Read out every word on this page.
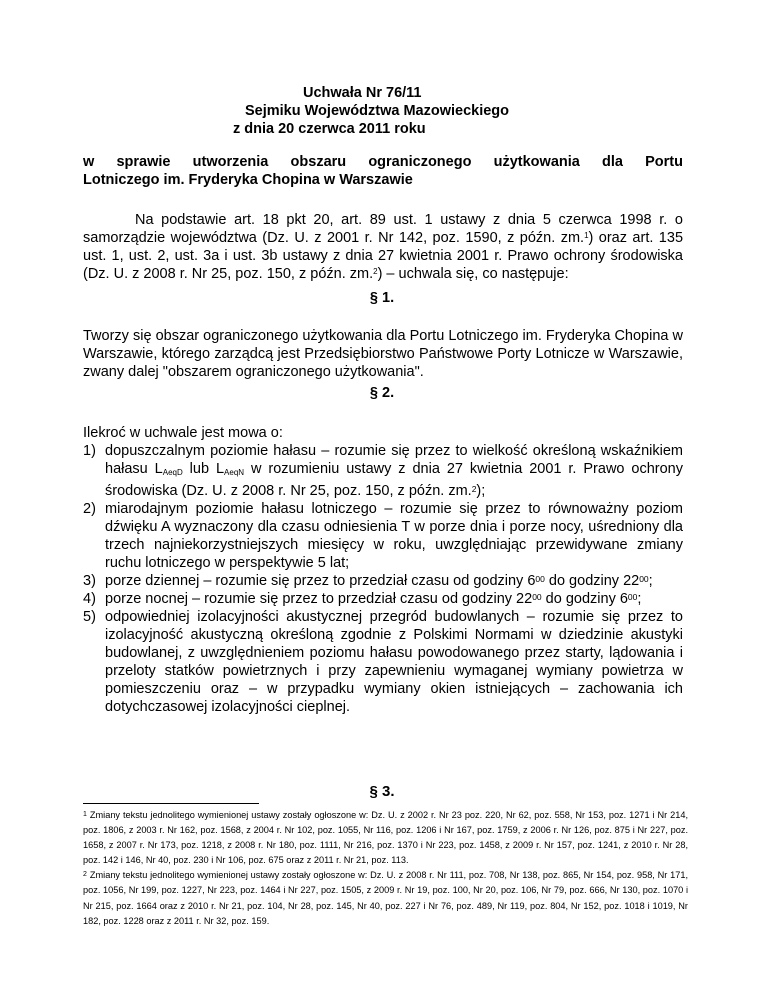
Uchwała Nr 76/11
Sejmiku Województwa Mazowieckiego
z dnia 20 czerwca 2011 roku
w sprawie utworzenia obszaru ograniczonego użytkowania dla Portu
Lotniczego im. Fryderyka Chopina w Warszawie
Na podstawie art. 18 pkt 20, art. 89 ust. 1 ustawy z dnia 5 czerwca 1998 r. o samorządzie województwa (Dz. U. z 2001 r. Nr 142, poz. 1590, z późn. zm.$^1$) oraz art. 135 ust. 1, ust. 2, ust. 3a i ust. 3b ustawy z dnia 27 kwietnia 2001 r. Prawo ochrony środowiska (Dz. U. z 2008 r. Nr 25, poz. 150, z późn. zm.$^2$) – uchwala się, co następuje:
§ 1.
Tworzy się obszar ograniczonego użytkowania dla Portu Lotniczego im. Fryderyka Chopina w Warszawie, którego zarządcą jest Przedsiębiorstwo Państwowe Porty Lotnicze w Warszawie, zwany dalej "obszarem ograniczonego użytkowania".
§ 2.
Ilekroć w uchwale jest mowa o:
1) dopuszczalnym poziomie hałasu – rozumie się przez to wielkość określoną wskaźnikiem hałasu $L_{AeqD}$ lub $L_{AeqN}$ w rozumieniu ustawy z dnia 27 kwietnia 2001 r. Prawo ochrony środowiska (Dz. U. z 2008 r. Nr 25, poz. 150, z późn. zm.$^2$);
2) miarodajnym poziomie hałasu lotniczego – rozumie się przez to równoważny poziom dźwięku A wyznaczony dla czasu odniesienia T w porze dnia i porze nocy, uśredniony dla trzech najniekorzystniejszych miesięcy w roku, uwzględniając przewidywane zmiany ruchu lotniczego w perspektywie 5 lat;
3) porze dziennej – rozumie się przez to przedział czasu od godziny $6^{00}$ do godziny $22^{00}$;
4) porze nocnej – rozumie się przez to przedział czasu od godziny $22^{00}$ do godziny $6^{00}$;
5) odpowiedniej izolacyjności akustycznej przegród budowlanych – rozumie się przez to izolacyjność akustyczną określoną zgodnie z Polskimi Normami w dziedzinie akustyki budowlanej, z uwzględnieniem poziomu hałasu powodowanego przez starty, lądowania i przeloty statków powietrznych i przy zapewnieniu wymaganej wymiany powietrza w pomieszczeniu oraz – w przypadku wymiany okien istniejących – zachowania ich dotychczasowej izolacyjności cieplnej.
§ 3.

$^1$ Zmiany tekstu jednolitego wymienionej ustawy zostały ogłoszone w: Dz. U. z 2002 r. Nr 23 poz. 220, Nr 62, poz. 558, Nr 153, poz. 1271 i Nr 214, poz. 1806, z 2003 r. Nr 162, poz. 1568, z 2004 r. Nr 102, poz. 1055, Nr 116, poz. 1206 i Nr 167, poz. 1759, z 2006 r. Nr 126, poz. 875 i Nr 227, poz. 1658, z 2007 r. Nr 173, poz. 1218, z 2008 r. Nr 180, poz. 1111, Nr 216, poz. 1370 i Nr 223, poz. 1458, z 2009 r. Nr 157, poz. 1241, z 2010 r. Nr 28, poz. 142 i 146, Nr 40, poz. 230 i Nr 106, poz. 675 oraz z 2011 r. Nr 21, poz. 113.

$^2$ Zmiany tekstu jednolitego wymienionej ustawy zostały ogłoszone w: Dz. U. z 2008 r. Nr 111, poz. 708, Nr 138, poz. 865, Nr 154, poz. 958, Nr 171, poz. 1056, Nr 199, poz. 1227, Nr 223, poz. 1464 i Nr 227, poz. 1505, z 2009 r. Nr 19, poz. 100, Nr 20, poz. 106, Nr 79, poz. 666, Nr 130, poz. 1070 i Nr 215, poz. 1664 oraz z 2010 r. Nr 21, poz. 104, Nr 28, poz. 145, Nr 40, poz. 227 i Nr 76, poz. 489, Nr 119, poz. 804, Nr 152, poz. 1018 i 1019, Nr 182, poz. 1228 oraz z 2011 r. Nr 32, poz. 159.
